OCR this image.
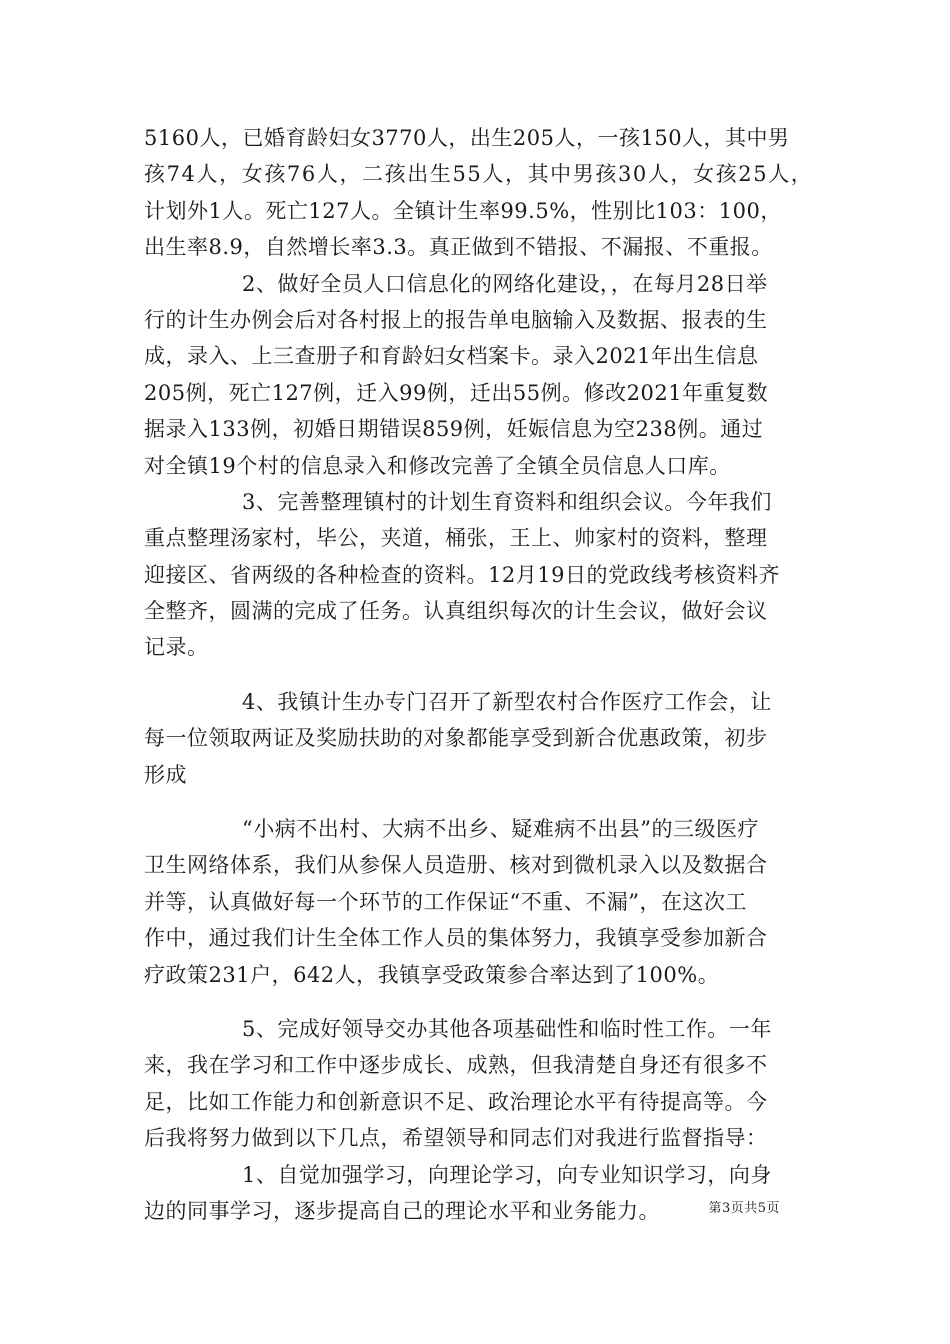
5160人，已婚育龄妇女3770人，出生205人，一孩150人，其中男
孩74人，女孩76人，二孩出生55人，其中男孩30人，女孩25人，
计划外1人。死亡127人。全镇计生率99.5%，性别比103：100，
出生率8.9，自然增长率3.3。真正做到不错报、不漏报、不重报。
2、做好全员人口信息化的网络化建设，，在每月28日举
行的计生办例会后对各村报上的报告单电脑输入及数据、报表的生
成，录入、上三查册子和育龄妇女档案卡。录入2021年出生信息
205例，死亡127例，迁入99例，迁出55例。修改2021年重复数
据录入133例，初婚日期错误859例，妊娠信息为空238例。通过
对全镇19个村的信息录入和修改完善了全镇全员信息人口库。
3、完善整理镇村的计划生育资料和组织会议。今年我们
重点整理汤家村，毕公，夹道，桶张，王上、帅家村的资料，整理
迎接区、省两级的各种检查的资料。12月19日的党政线考核资料齐
全整齐，圆满的完成了任务。认真组织每次的计生会议，做好会议
记录。
4、我镇计生办专门召开了新型农村合作医疗工作会，让
每一位领取两证及奖励扶助的对象都能享受到新合优惠政策，初步
形成
“小病不出村、大病不出乡、疑难病不出县”的三级医疗
卫生网络体系，我们从参保人员造册、核对到微机录入以及数据合
并等，认真做好每一个环节的工作保证“不重、不漏”，在这次工
作中，通过我们计生全体工作人员的集体努力，我镇享受参加新合
疗政策231户，642人，我镇享受政策参合率达到了100%。
5、完成好领导交办其他各项基础性和临时性工作。一年
来，我在学习和工作中逐步成长、成熟，但我清楚自身还有很多不
足，比如工作能力和创新意识不足、政治理论水平有待提高等。今
后我将努力做到以下几点，希望领导和同志们对我进行监督指导：
1、自觉加强学习，向理论学习，向专业知识学习，向身
边的同事学习，逐步提高自己的理论水平和业务能力。	第3页共5页
